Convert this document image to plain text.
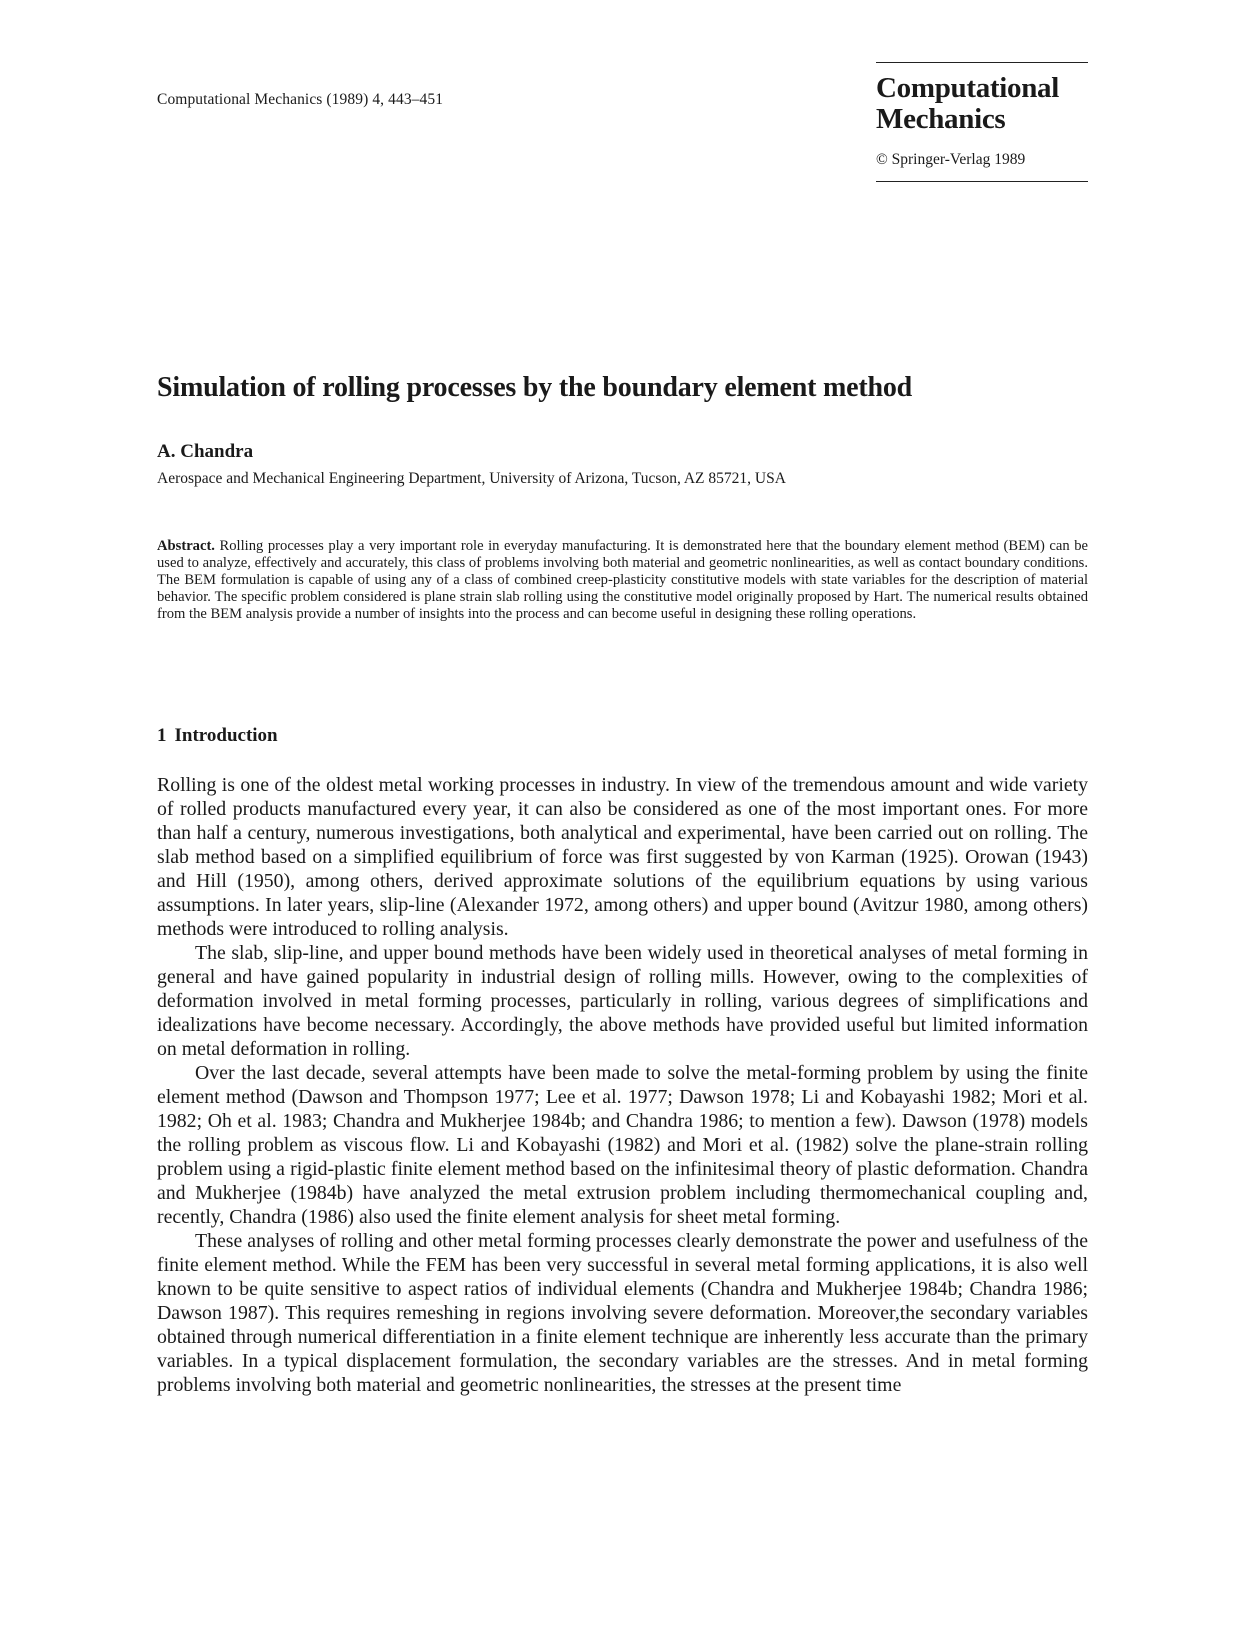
Computational Mechanics (1989) 4, 443–451	Computational
Mechanics
© Springer-Verlag 1989
Simulation of rolling processes by the boundary element method
A. Chandra
Aerospace and Mechanical Engineering Department, University of Arizona, Tucson, AZ 85721, USA

Abstract. Rolling processes play a very important role in everyday manufacturing. It is demonstrated here that the boundary element method (BEM) can be used to analyze, effectively and accurately, this class of problems involving both material and geometric nonlinearities, as well as contact boundary conditions. The BEM formulation is capable of using any of a class of combined creep-plasticity constitutive models with state variables for the description of material behavior. The specific problem considered is plane strain slab rolling using the constitutive model originally proposed by Hart. The numerical results obtained from the BEM analysis provide a number of insights into the process and can become useful in designing these rolling operations.

1 Introduction

Rolling is one of the oldest metal working processes in industry. In view of the tremendous amount and wide variety of rolled products manufactured every year, it can also be considered as one of the most important ones. For more than half a century, numerous investigations, both analytical and experimental, have been carried out on rolling. The slab method based on a simplified equilibrium of force was first suggested by von Karman (1925). Orowan (1943) and Hill (1950), among others, derived approximate solutions of the equilibrium equations by using various assumptions. In later years, slip-line (Alexander 1972, among others) and upper bound (Avitzur 1980, among others) methods were introduced to rolling analysis.

The slab, slip-line, and upper bound methods have been widely used in theoretical analyses of metal forming in general and have gained popularity in industrial design of rolling mills. However, owing to the complexities of deformation involved in metal forming processes, particularly in rolling, various degrees of simplifications and idealizations have become necessary. Accordingly, the above methods have provided useful but limited information on metal deformation in rolling.

Over the last decade, several attempts have been made to solve the metal-forming problem by using the finite element method (Dawson and Thompson 1977; Lee et al. 1977; Dawson 1978; Li and Kobayashi 1982; Mori et al. 1982; Oh et al. 1983; Chandra and Mukherjee 1984b; and Chandra 1986; to mention a few). Dawson (1978) models the rolling problem as viscous flow. Li and Kobayashi (1982) and Mori et al. (1982) solve the plane-strain rolling problem using a rigid-plastic finite element method based on the infinitesimal theory of plastic deformation. Chandra and Mukherjee (1984b) have analyzed the metal extrusion problem including thermomechanical coupling and, recently, Chandra (1986) also used the finite element analysis for sheet metal forming.

These analyses of rolling and other metal forming processes clearly demonstrate the power and usefulness of the finite element method. While the FEM has been very successful in several metal forming applications, it is also well known to be quite sensitive to aspect ratios of individual elements (Chandra and Mukherjee 1984b; Chandra 1986; Dawson 1987). This requires remeshing in regions involving severe deformation. Moreover,the secondary variables obtained through numerical differentiation in a finite element technique are inherently less accurate than the primary variables. In a typical displacement formulation, the secondary variables are the stresses. And in metal forming problems involving both material and geometric nonlinearities, the stresses at the present time
